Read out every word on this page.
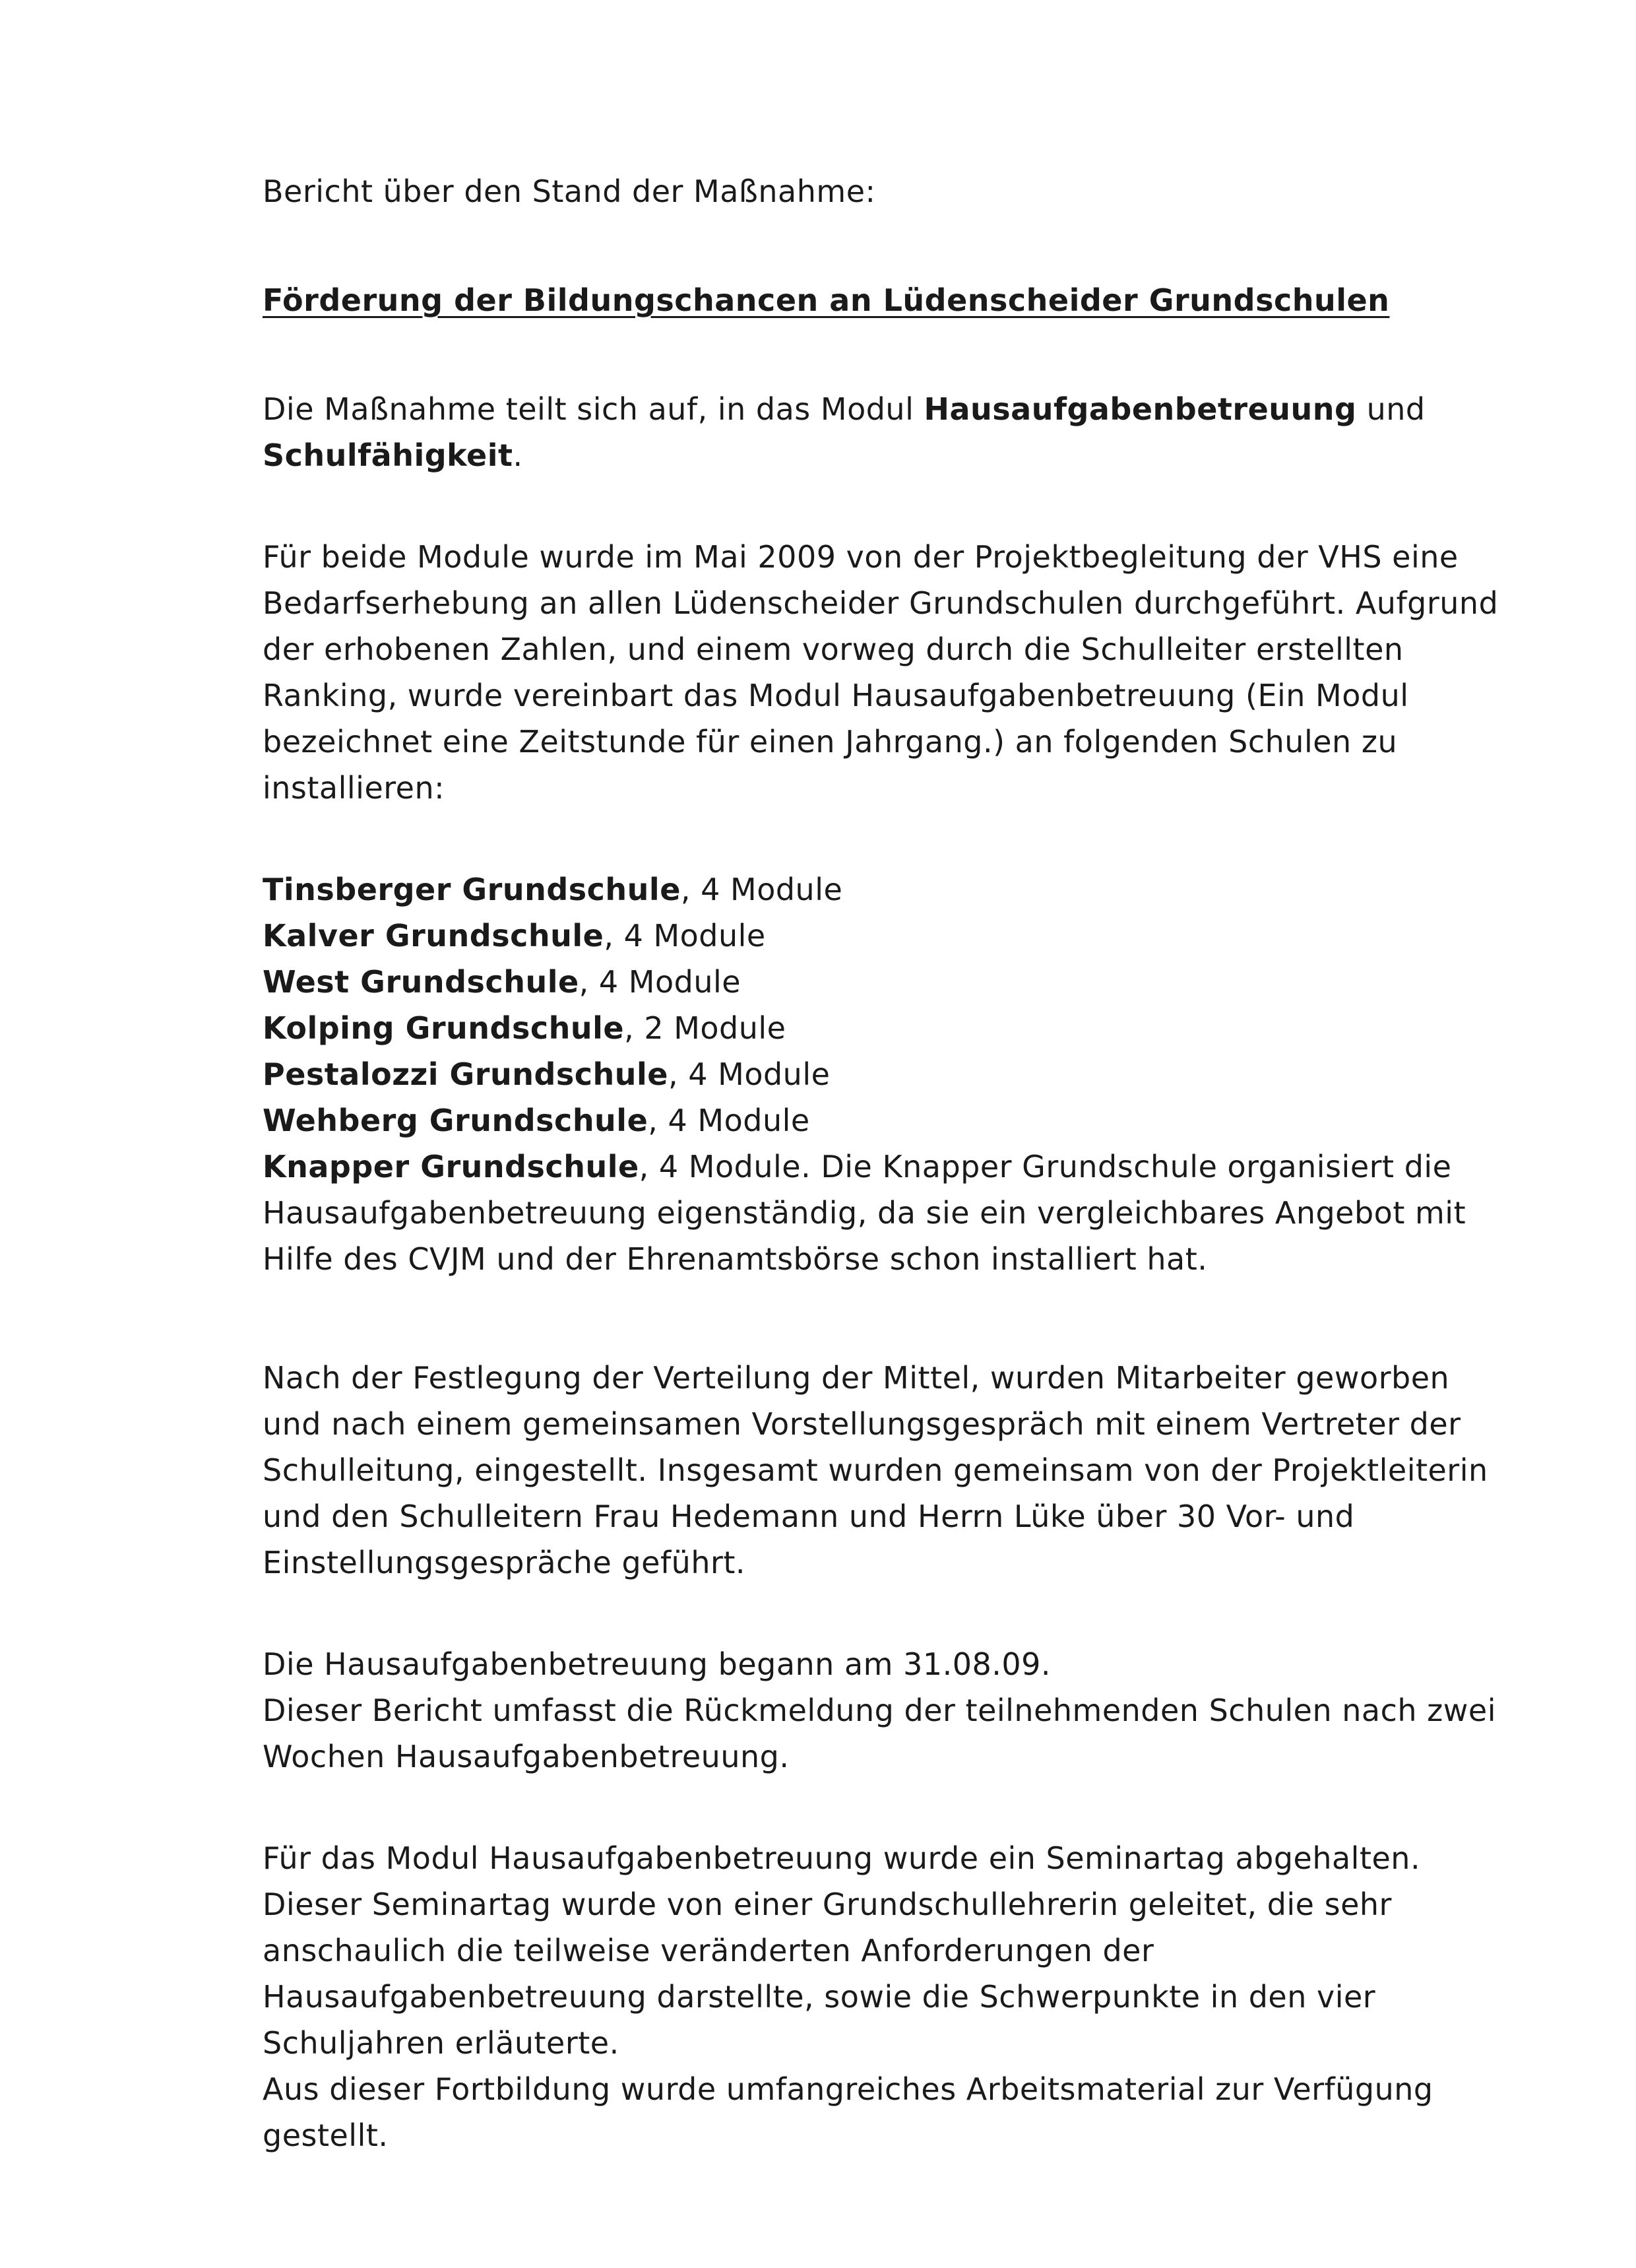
Bericht über den Stand der Maßnahme:

Förderung der Bildungschancen an Lüdenscheider Grundschulen

Die Maßnahme teilt sich auf, in das Modul Hausaufgabenbetreuung und
Schulfähigkeit.

Für beide Module wurde im Mai 2009 von der Projektbegleitung der VHS eine Bedarfserhebung an allen Lüdenscheider Grundschulen durchgeführt. Aufgrund der erhobenen Zahlen, und einem vorweg durch die Schulleiter erstellten Ranking, wurde vereinbart das Modul Hausaufgabenbetreuung (Ein Modul bezeichnet eine Zeitstunde für einen Jahrgang.) an folgenden Schulen zu installieren:

Tinsberger Grundschule, 4 Module

Kalver Grundschule, 4 Module

West Grundschule, 4 Module

Kolping Grundschule, 2 Module

Pestalozzi Grundschule, 4 Module

Wehberg Grundschule, 4 Module

Knapper Grundschule, 4 Module. Die Knapper Grundschule organisiert die Hausaufgabenbetreuung eigenständig, da sie ein vergleichbares Angebot mit Hilfe des CVJM und der Ehrenamtsbörse schon installiert hat.

Nach der Festlegung der Verteilung der Mittel, wurden Mitarbeiter geworben und nach einem gemeinsamen Vorstellungsgespräch mit einem Vertreter der Schulleitung, eingestellt. Insgesamt wurden gemeinsam von der Projektleiterin und den Schulleitern Frau Hedemann und Herrn Lüke über 30 Vor- und Einstellungsgespräche geführt.

Die Hausaufgabenbetreuung begann am 31.08.09.
Dieser Bericht umfasst die Rückmeldung der teilnehmenden Schulen nach zwei Wochen Hausaufgabenbetreuung.

Für das Modul Hausaufgabenbetreuung wurde ein Seminartag abgehalten. Dieser Seminartag wurde von einer Grundschullehrerin geleitet, die sehr anschaulich die teilweise veränderten Anforderungen der Hausaufgabenbetreuung darstellte, sowie die Schwerpunkte in den vier Schuljahren erläuterte.
Aus dieser Fortbildung wurde umfangreiches Arbeitsmaterial zur Verfügung gestellt.
